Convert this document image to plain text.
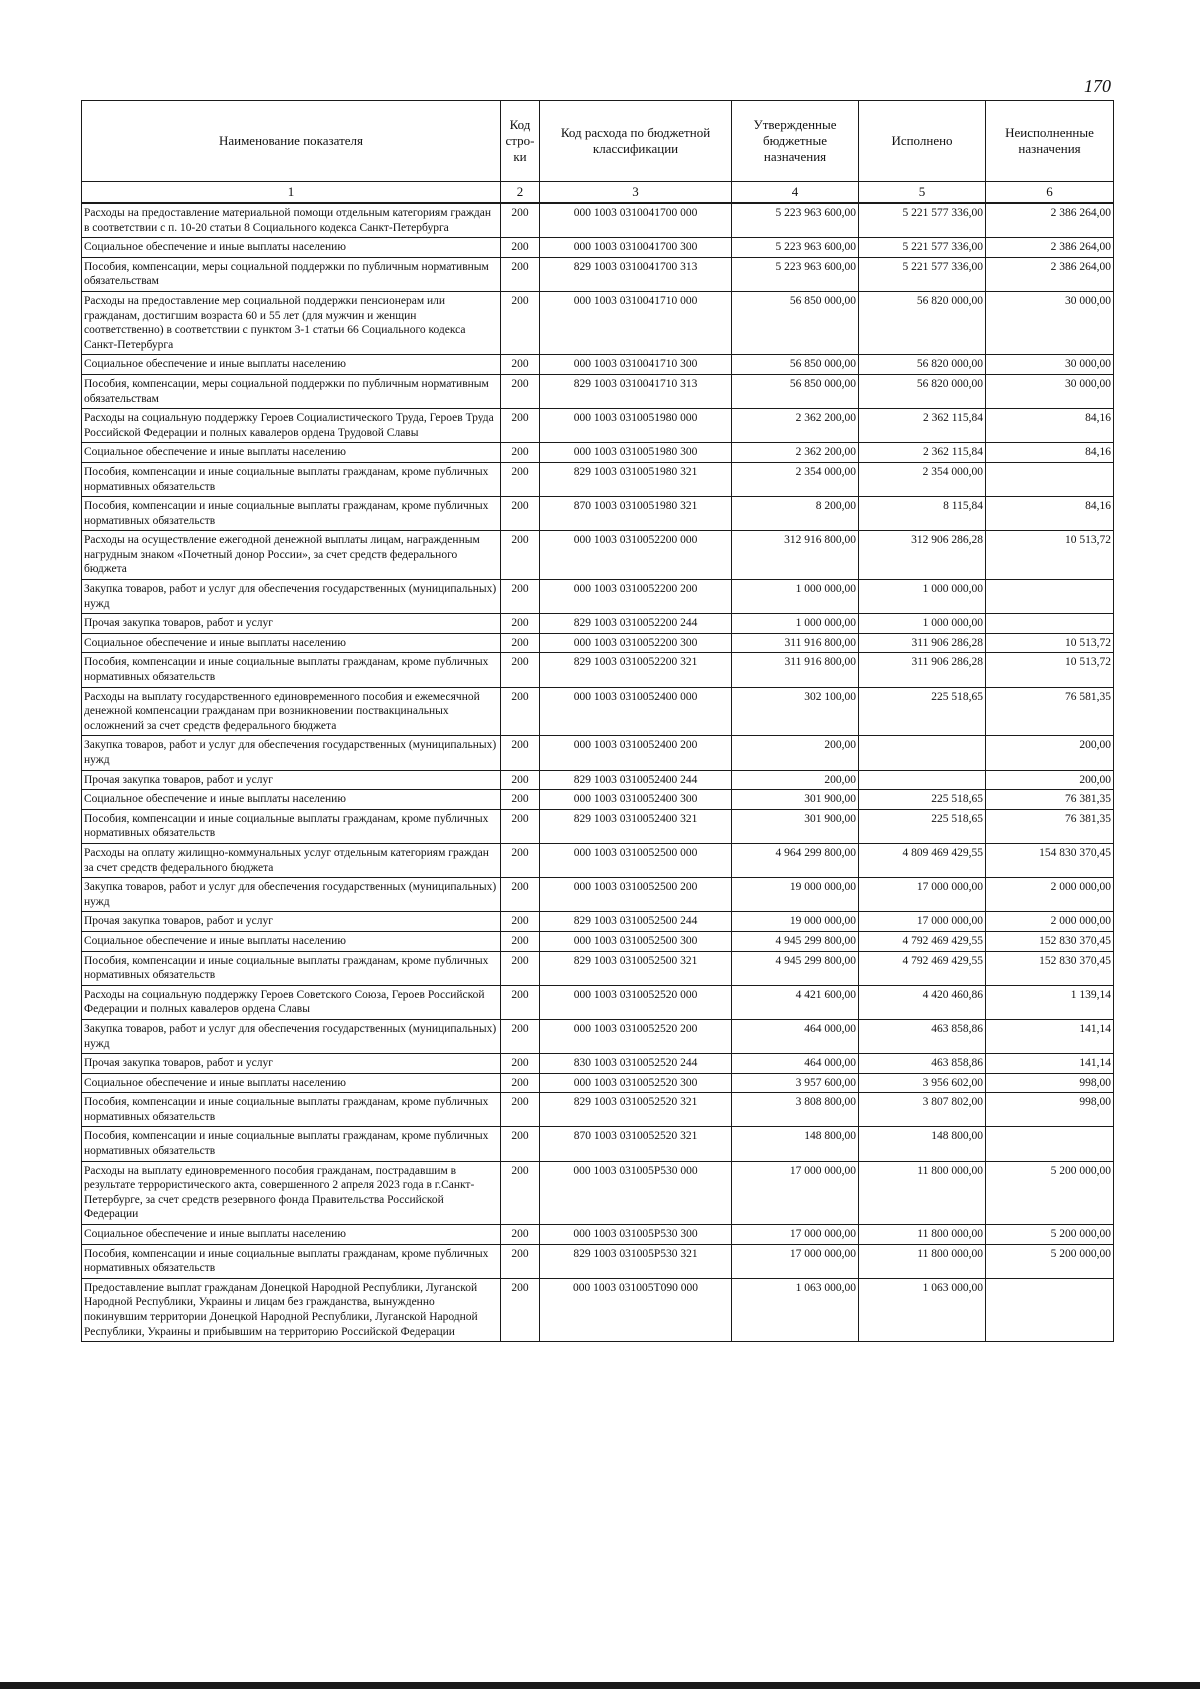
170
Наименование показателя	Код стро-ки	Код расхода по бюджетной классификации	Утвержденные бюджетные назначения	Исполнено	Неисполненные назначения
1	2	3	4	5	6
Расходы на предоставление материальной помощи отдельным категориям граждан в соответствии с п. 10-20 статьи 8 Социального кодекса Санкт-Петербурга	200	000 1003 0310041700 000	5 223 963 600,00	5 221 577 336,00	2 386 264,00
Социальное обеспечение и иные выплаты населению	200	000 1003 0310041700 300	5 223 963 600,00	5 221 577 336,00	2 386 264,00
Пособия, компенсации, меры социальной поддержки по публичным нормативным обязательствам	200	829 1003 0310041700 313	5 223 963 600,00	5 221 577 336,00	2 386 264,00
Расходы на предоставление мер социальной поддержки пенсионерам или гражданам, достигшим возраста 60 и 55 лет (для мужчин и женщин соответственно) в соответствии с пунктом 3-1 статьи 66 Социального кодекса Санкт-Петербурга	200	000 1003 0310041710 000	56 850 000,00	56 820 000,00	30 000,00
Социальное обеспечение и иные выплаты населению	200	000 1003 0310041710 300	56 850 000,00	56 820 000,00	30 000,00
Пособия, компенсации, меры социальной поддержки по публичным нормативным обязательствам	200	829 1003 0310041710 313	56 850 000,00	56 820 000,00	30 000,00
Расходы на социальную поддержку Героев Социалистического Труда, Героев Труда Российской Федерации и полных кавалеров ордена Трудовой Славы	200	000 1003 0310051980 000	2 362 200,00	2 362 115,84	84,16
Социальное обеспечение и иные выплаты населению	200	000 1003 0310051980 300	2 362 200,00	2 362 115,84	84,16
Пособия, компенсации и иные социальные выплаты гражданам, кроме публичных нормативных обязательств	200	829 1003 0310051980 321	2 354 000,00	2 354 000,00	
Пособия, компенсации и иные социальные выплаты гражданам, кроме публичных нормативных обязательств	200	870 1003 0310051980 321	8 200,00	8 115,84	84,16
Расходы на осуществление ежегодной денежной выплаты лицам, награжденным нагрудным знаком «Почетный донор России», за счет средств федерального бюджета	200	000 1003 0310052200 000	312 916 800,00	312 906 286,28	10 513,72
Закупка товаров, работ и услуг для обеспечения государственных (муниципальных) нужд	200	000 1003 0310052200 200	1 000 000,00	1 000 000,00	
Прочая закупка товаров, работ и услуг	200	829 1003 0310052200 244	1 000 000,00	1 000 000,00	
Социальное обеспечение и иные выплаты населению	200	000 1003 0310052200 300	311 916 800,00	311 906 286,28	10 513,72
Пособия, компенсации и иные социальные выплаты гражданам, кроме публичных нормативных обязательств	200	829 1003 0310052200 321	311 916 800,00	311 906 286,28	10 513,72
Расходы на выплату государственного единовременного пособия и ежемесячной денежной компенсации гражданам при возникновении поствакцинальных осложнений за счет средств федерального бюджета	200	000 1003 0310052400 000	302 100,00	225 518,65	76 581,35
Закупка товаров, работ и услуг для обеспечения государственных (муниципальных) нужд	200	000 1003 0310052400 200	200,00		200,00
Прочая закупка товаров, работ и услуг	200	829 1003 0310052400 244	200,00		200,00
Социальное обеспечение и иные выплаты населению	200	000 1003 0310052400 300	301 900,00	225 518,65	76 381,35
Пособия, компенсации и иные социальные выплаты гражданам, кроме публичных нормативных обязательств	200	829 1003 0310052400 321	301 900,00	225 518,65	76 381,35
Расходы на оплату жилищно-коммунальных услуг отдельным категориям граждан за счет средств федерального бюджета	200	000 1003 0310052500 000	4 964 299 800,00	4 809 469 429,55	154 830 370,45
Закупка товаров, работ и услуг для обеспечения государственных (муниципальных) нужд	200	000 1003 0310052500 200	19 000 000,00	17 000 000,00	2 000 000,00
Прочая закупка товаров, работ и услуг	200	829 1003 0310052500 244	19 000 000,00	17 000 000,00	2 000 000,00
Социальное обеспечение и иные выплаты населению	200	000 1003 0310052500 300	4 945 299 800,00	4 792 469 429,55	152 830 370,45
Пособия, компенсации и иные социальные выплаты гражданам, кроме публичных нормативных обязательств	200	829 1003 0310052500 321	4 945 299 800,00	4 792 469 429,55	152 830 370,45
Расходы на социальную поддержку Героев Советского Союза, Героев Российской Федерации и полных кавалеров ордена Славы	200	000 1003 0310052520 000	4 421 600,00	4 420 460,86	1 139,14
Закупка товаров, работ и услуг для обеспечения государственных (муниципальных) нужд	200	000 1003 0310052520 200	464 000,00	463 858,86	141,14
Прочая закупка товаров, работ и услуг	200	830 1003 0310052520 244	464 000,00	463 858,86	141,14
Социальное обеспечение и иные выплаты населению	200	000 1003 0310052520 300	3 957 600,00	3 956 602,00	998,00
Пособия, компенсации и иные социальные выплаты гражданам, кроме публичных нормативных обязательств	200	829 1003 0310052520 321	3 808 800,00	3 807 802,00	998,00
Пособия, компенсации и иные социальные выплаты гражданам, кроме публичных нормативных обязательств	200	870 1003 0310052520 321	148 800,00	148 800,00	
Расходы на выплату единовременного пособия гражданам, пострадавшим в результате террористического акта, совершенного 2 апреля 2023 года в г.Санкт-Петербурге, за счет средств резервного фонда Правительства Российской Федерации	200	000 1003 031005Р530 000	17 000 000,00	11 800 000,00	5 200 000,00
Социальное обеспечение и иные выплаты населению	200	000 1003 031005Р530 300	17 000 000,00	11 800 000,00	5 200 000,00
Пособия, компенсации и иные социальные выплаты гражданам, кроме публичных нормативных обязательств	200	829 1003 031005Р530 321	17 000 000,00	11 800 000,00	5 200 000,00
Предоставление выплат гражданам Донецкой Народной Республики, Луганской Народной Республики, Украины и лицам без гражданства, вынужденно покинувшим территории Донецкой Народной Республики, Луганской Народной Республики, Украины и прибывшим на территорию Российской Федерации	200	000 1003 031005Т090 000	1 063 000,00	1 063 000,00	
